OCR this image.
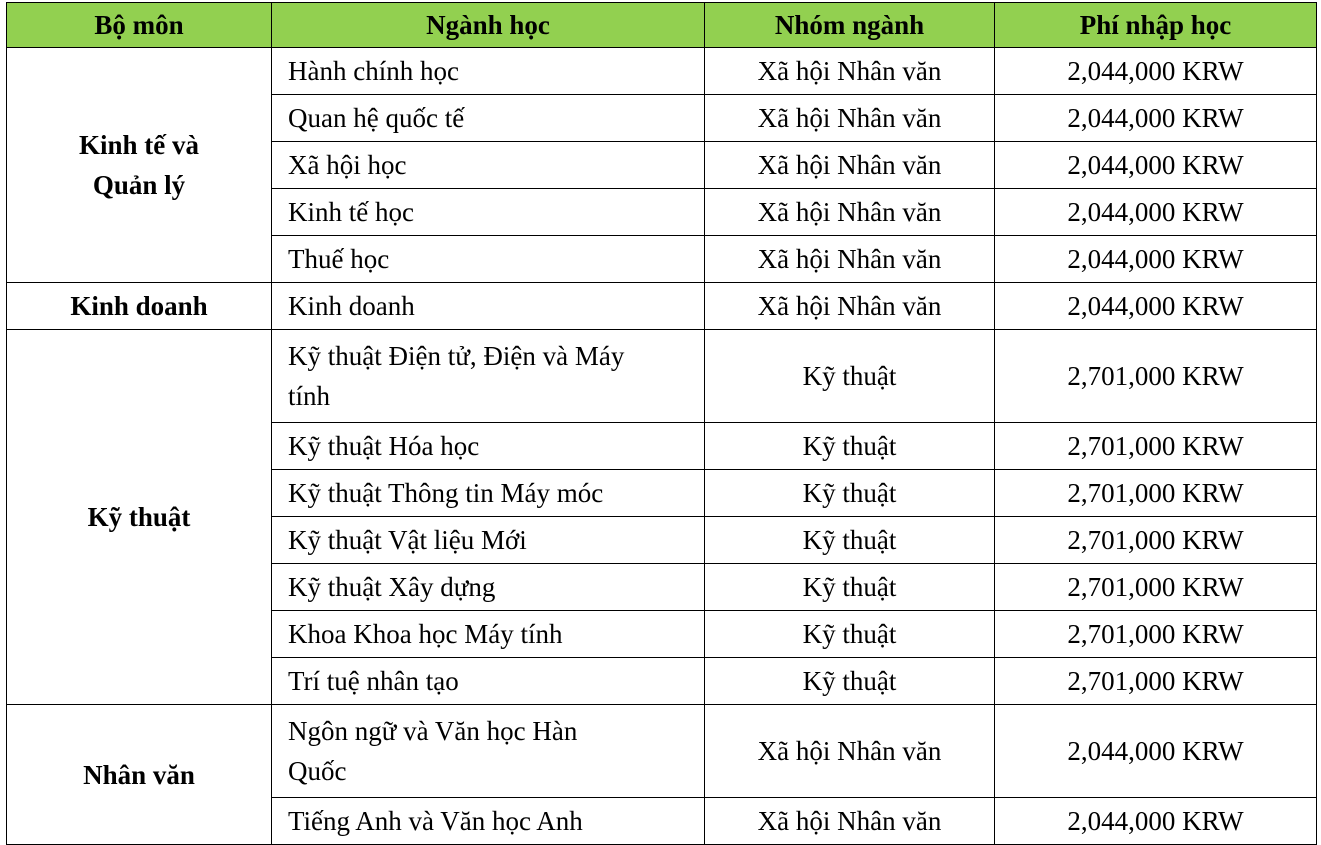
Bộ môn	Ngành học	Nhóm ngành	Phí nhập học

Kinh tế và Quản lý	Hành chính học	Xã hội Nhân văn	2,044,000 KRW
	Quan hệ quốc tế	Xã hội Nhân văn	2,044,000 KRW
	Xã hội học	Xã hội Nhân văn	2,044,000 KRW
	Kinh tế học	Xã hội Nhân văn	2,044,000 KRW
	Thuế học	Xã hội Nhân văn	2,044,000 KRW
Kinh doanh	Kinh doanh	Xã hội Nhân văn	2,044,000 KRW
Kỹ thuật	Kỹ thuật Điện tử, Điện và Máy tính	Kỹ thuật	2,701,000 KRW
	Kỹ thuật Hóa học	Kỹ thuật	2,701,000 KRW
	Kỹ thuật Thông tin Máy móc	Kỹ thuật	2,701,000 KRW
	Kỹ thuật Vật liệu Mới	Kỹ thuật	2,701,000 KRW
	Kỹ thuật Xây dựng	Kỹ thuật	2,701,000 KRW
	Khoa Khoa học Máy tính	Kỹ thuật	2,701,000 KRW
	Trí tuệ nhân tạo	Kỹ thuật	2,701,000 KRW
Nhân văn	Ngôn ngữ và Văn học Hàn Quốc	Xã hội Nhân văn	2,044,000 KRW
	Tiếng Anh và Văn học Anh	Xã hội Nhân văn	2,044,000 KRW
